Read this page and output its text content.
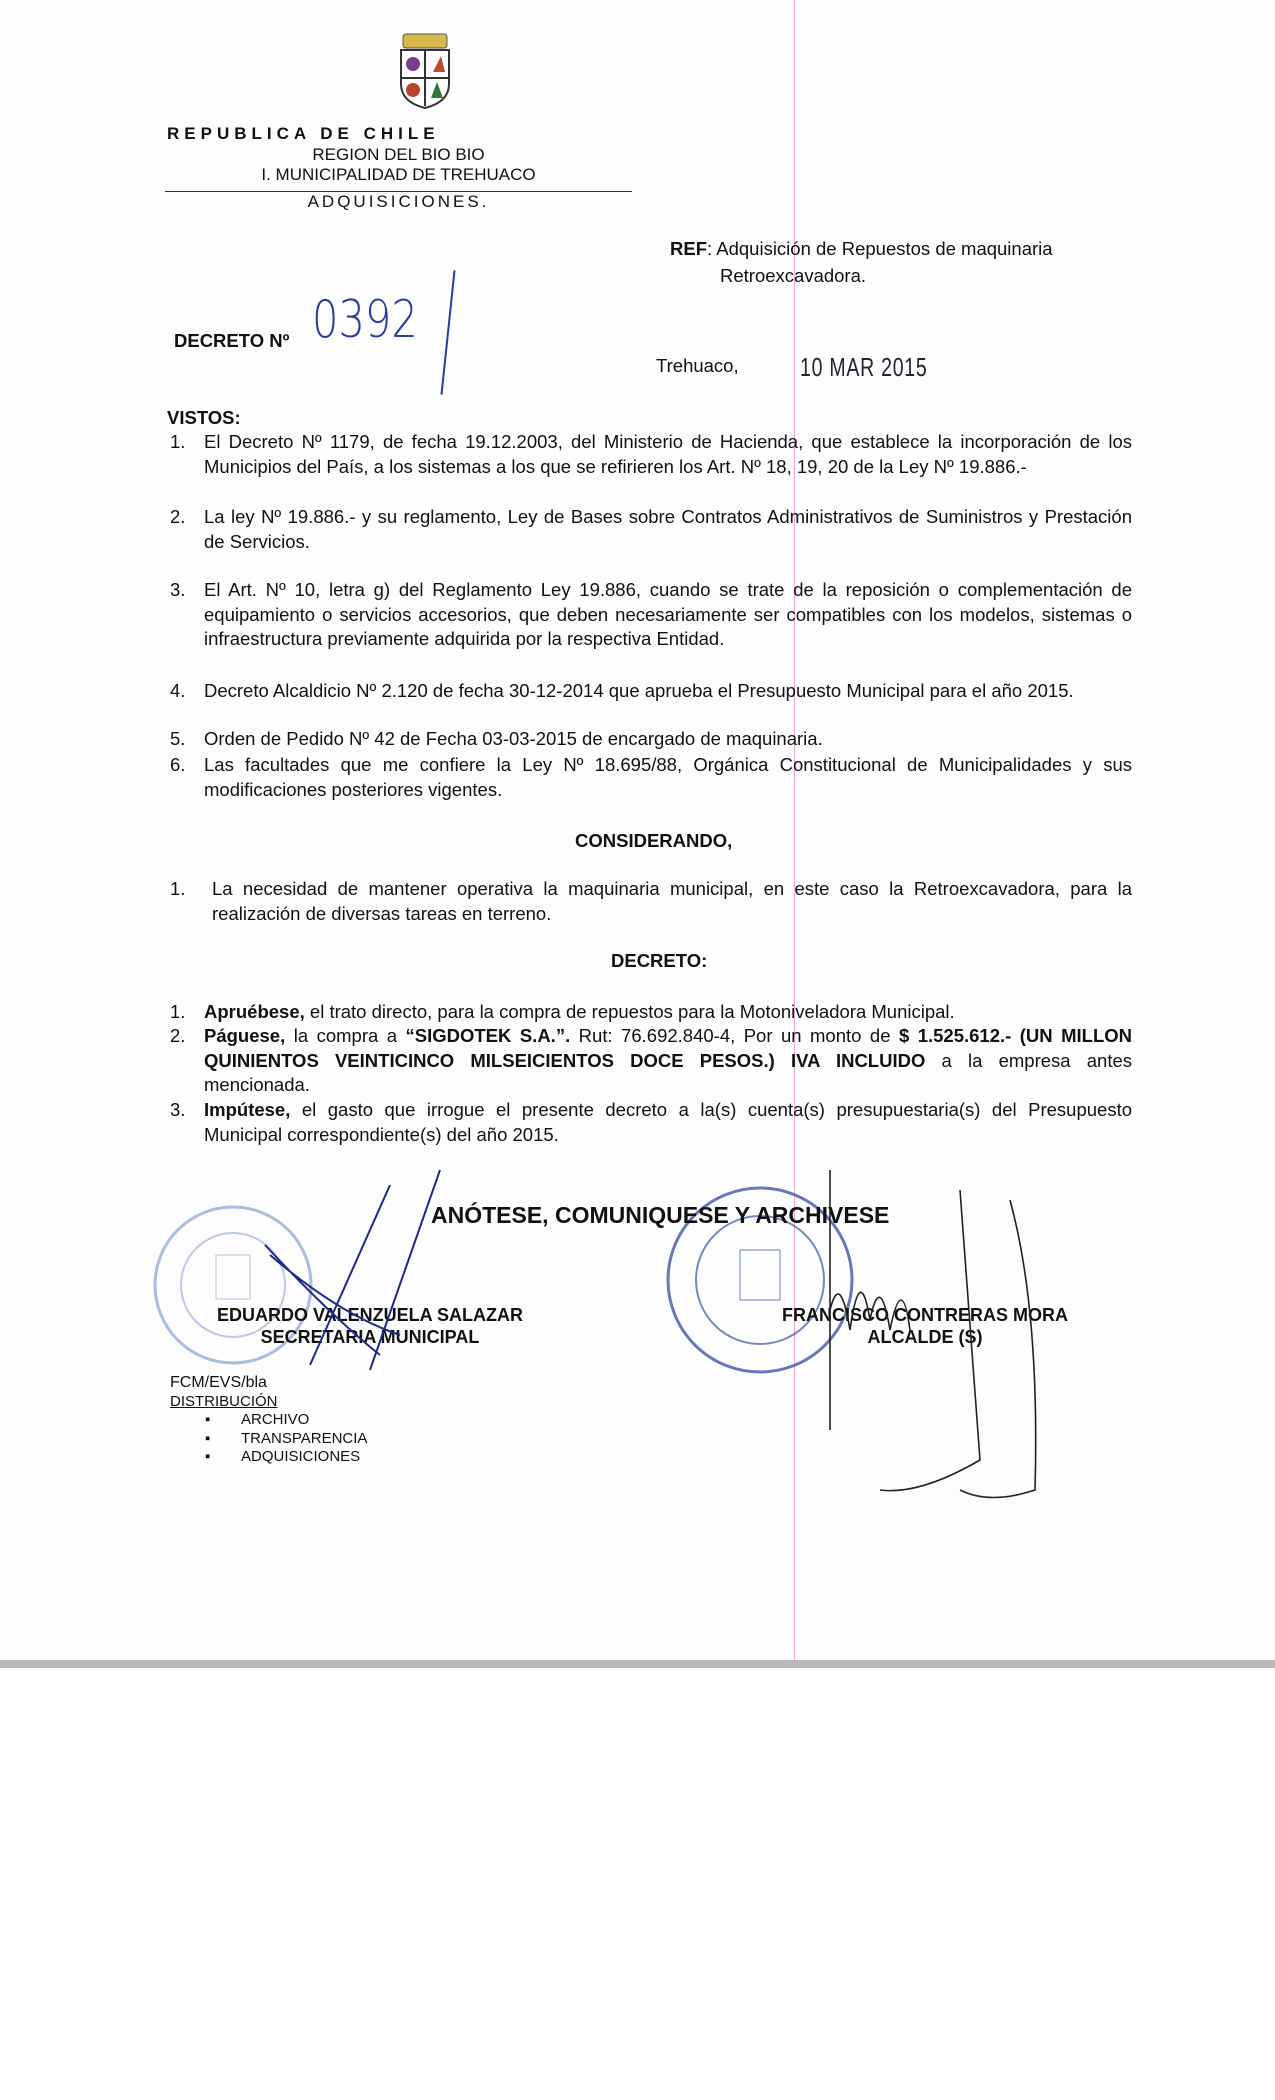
REPUBLICA DE CHILE
REGION DEL BIO BIO
I. MUNICIPALIDAD DE TREHUACO
ADQUISICIONES.
REF: Adquisición de Repuestos de maquinaria
Retroexcavadora.
DECRETO Nº 0392
Trehuaco, 10 MAR 2015
VISTOS:
1. El Decreto Nº 1179, de fecha 19.12.2003, del Ministerio de Hacienda, que establece la incorporación de los Municipios del País, a los sistemas a los que se refirieren los Art. Nº 18, 19, 20 de la Ley Nº 19.886.-
2. La ley Nº 19.886.- y su reglamento, Ley de Bases sobre Contratos Administrativos de Suministros y Prestación de Servicios.
3. El Art. Nº 10, letra g) del Reglamento Ley 19.886, cuando se trate de la reposición o complementación de equipamiento o servicios accesorios, que deben necesariamente ser compatibles con los modelos, sistemas o infraestructura previamente adquirida por la respectiva Entidad.
4. Decreto Alcaldicio Nº 2.120 de fecha 30-12-2014 que aprueba el Presupuesto Municipal para el año 2015.
5. Orden de Pedido Nº 42 de Fecha 03-03-2015 de encargado de maquinaria.
6. Las facultades que me confiere la Ley Nº 18.695/88, Orgánica Constitucional de Municipalidades y sus modificaciones posteriores vigentes.
CONSIDERANDO,
1. La necesidad de mantener operativa la maquinaria municipal, en este caso la Retroexcavadora, para la realización de diversas tareas en terreno.
DECRETO:
1. Apruébese, el trato directo, para la compra de repuestos para la Motoniveladora Municipal.
2. Páguese, la compra a “SIGDOTEK S.A.”. Rut: 76.692.840-4, Por un monto de $ 1.525.612.- (UN MILLON QUINIENTOS VEINTICINCO MILSEICIENTOS DOCE PESOS.) IVA INCLUIDO a la empresa antes mencionada.
3. Impútese, el gasto que irrogue el presente decreto a la(s) cuenta(s) presupuestaria(s) del Presupuesto Municipal correspondiente(s) del año 2015.
ANÓTESE, COMUNIQUESE Y ARCHIVESE
EDUARDO VALENZUELA SALAZAR
SECRETARIA MUNICIPAL
FRANCISCO CONTRERAS MORA
ALCALDE (S)
FCM/EVS/bla
DISTRIBUCIÓN
▪ ARCHIVO
▪ TRANSPARENCIA
▪ ADQUISICIONES
